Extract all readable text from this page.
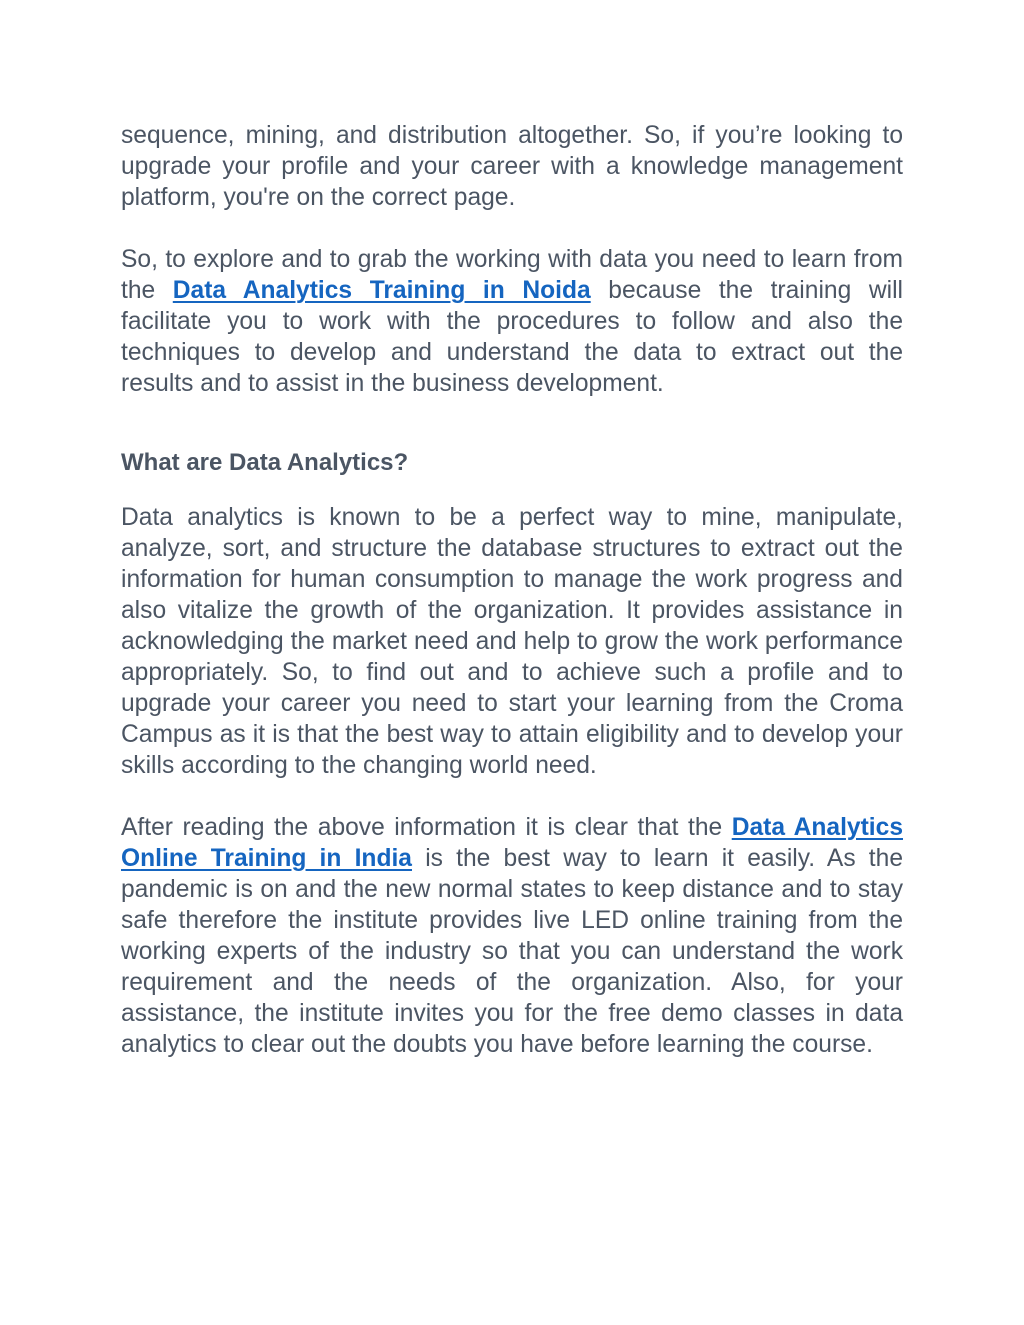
sequence, mining, and distribution altogether. So, if you’re looking to upgrade your profile and your career with a knowledge management platform, you're on the correct page.

So, to explore and to grab the working with data you need to learn from the Data Analytics Training in Noida because the training will facilitate you to work with the procedures to follow and also the techniques to develop and understand the data to extract out the results and to assist in the business development.

What are Data Analytics?

Data analytics is known to be a perfect way to mine, manipulate, analyze, sort, and structure the database structures to extract out the information for human consumption to manage the work progress and also vitalize the growth of the organization. It provides assistance in acknowledging the market need and help to grow the work performance appropriately. So, to find out and to achieve such a profile and to upgrade your career you need to start your learning from the Croma Campus as it is that the best way to attain eligibility and to develop your skills according to the changing world need.

After reading the above information it is clear that the Data Analytics Online Training in India is the best way to learn it easily. As the pandemic is on and the new normal states to keep distance and to stay safe therefore the institute provides live LED online training from the working experts of the industry so that you can understand the work requirement and the needs of the organization. Also, for your assistance, the institute invites you for the free demo classes in data analytics to clear out the doubts you have before learning the course.
